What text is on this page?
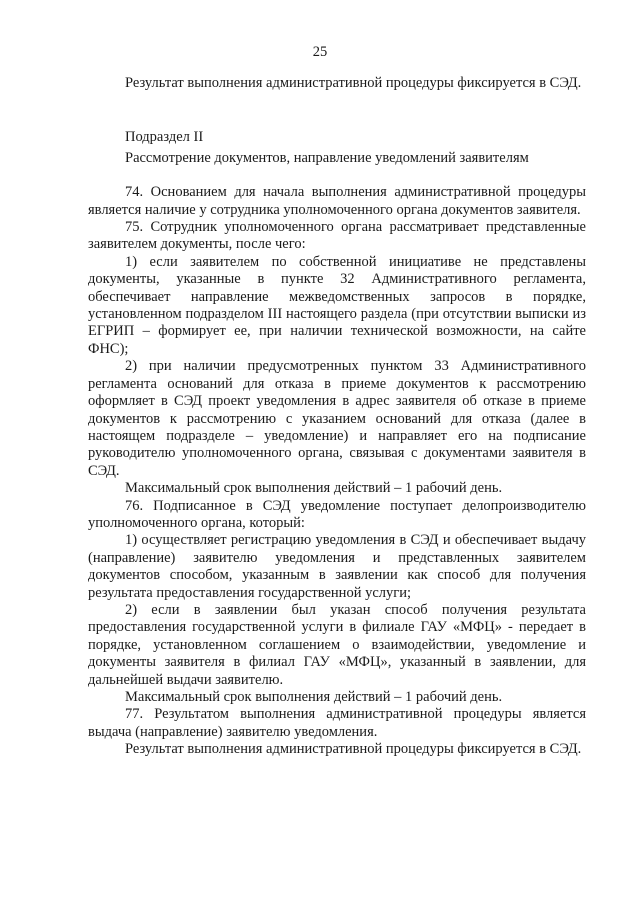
25

Результат выполнения административной процедуры фиксируется в СЭД.

Подраздел II

Рассмотрение документов, направление уведомлений заявителям

74. Основанием для начала выполнения административной процедуры является наличие у сотрудника уполномоченного органа документов заявителя.

75. Сотрудник уполномоченного органа рассматривает представленные заявителем документы, после чего:

1) если заявителем по собственной инициативе не представлены документы, указанные в пункте 32 Административного регламента, обеспечивает направление межведомственных запросов в порядке, установленном подразделом III настоящего раздела (при отсутствии выписки из ЕГРИП – формирует ее, при наличии технической возможности, на сайте ФНС);

2) при наличии предусмотренных пунктом 33 Административного регламента оснований для отказа в приеме документов к рассмотрению оформляет в СЭД проект уведомления в адрес заявителя об отказе в приеме документов к рассмотрению с указанием оснований для отказа (далее в настоящем подразделе – уведомление) и направляет его на подписание руководителю уполномоченного органа, связывая с документами заявителя в СЭД.

Максимальный срок выполнения действий – 1 рабочий день.

76. Подписанное в СЭД уведомление поступает делопроизводителю уполномоченного органа, который:

1) осуществляет регистрацию уведомления в СЭД и обеспечивает выдачу (направление) заявителю уведомления и представленных заявителем документов способом, указанным в заявлении как способ для получения результата предоставления государственной услуги;

2) если в заявлении был указан способ получения результата предоставления государственной услуги в филиале ГАУ «МФЦ» - передает в порядке, установленном соглашением о взаимодействии, уведомление и документы заявителя в филиал ГАУ «МФЦ», указанный в заявлении, для дальнейшей выдачи заявителю.

Максимальный срок выполнения действий – 1 рабочий день.

77. Результатом выполнения административной процедуры является выдача (направление) заявителю уведомления.

Результат выполнения административной процедуры фиксируется в СЭД.
